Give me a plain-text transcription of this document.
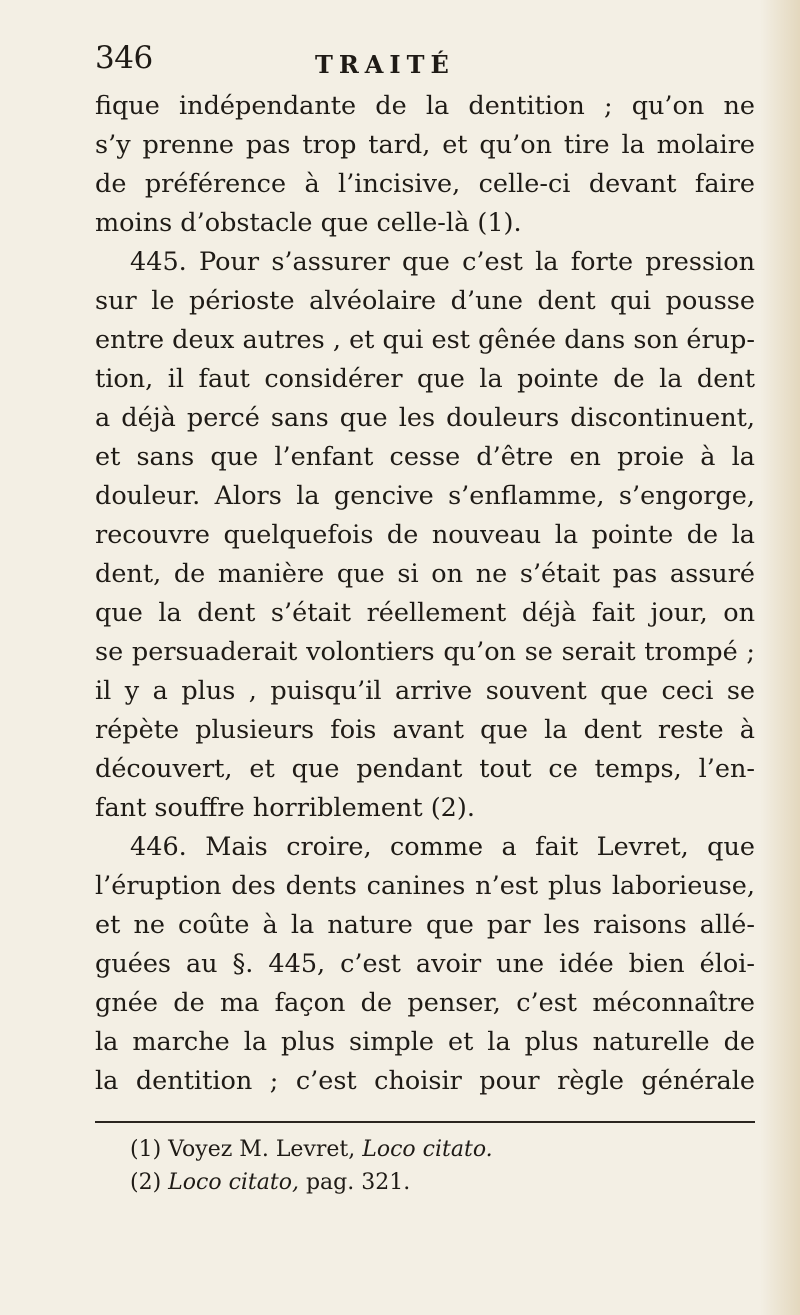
346	TRAITÉ
fique indépendante de la dentition ; qu’on ne
s’y prenne pas trop tard, et qu’on tire la molaire
de préférence à l’incisive, celle-ci devant faire
moins d’obstacle que celle-là (1).
445. Pour s’assurer que c’est la forte pression
sur le périoste alvéolaire d’une dent qui pousse
entre deux autres , et qui est gênée dans son érup-
tion, il faut considérer que la pointe de la dent
a déjà percé sans que les douleurs discontinuent,
et sans que l’enfant cesse d’être en proie à la
douleur. Alors la gencive s’enflamme, s’engorge,
recouvre quelquefois de nouveau la pointe de la
dent, de manière que si on ne s’était pas assuré
que la dent s’était réellement déjà fait jour, on
se persuaderait volontiers qu’on se serait trompé ;
il y a plus , puisqu’il arrive souvent que ceci se
répète plusieurs fois avant que la dent reste à
découvert, et que pendant tout ce temps, l’en-
fant souffre horriblement (2).
446. Mais croire, comme a fait Levret, que
l’éruption des dents canines n’est plus laborieuse,
et ne coûte à la nature que par les raisons allé-
guées au §. 445, c’est avoir une idée bien éloi-
gnée de ma façon de penser, c’est méconnaître
la marche la plus simple et la plus naturelle de
la dentition ; c’est choisir pour règle générale
(1) Voyez M. Levret, Loco citato.
(2) Loco citato, pag. 321.
